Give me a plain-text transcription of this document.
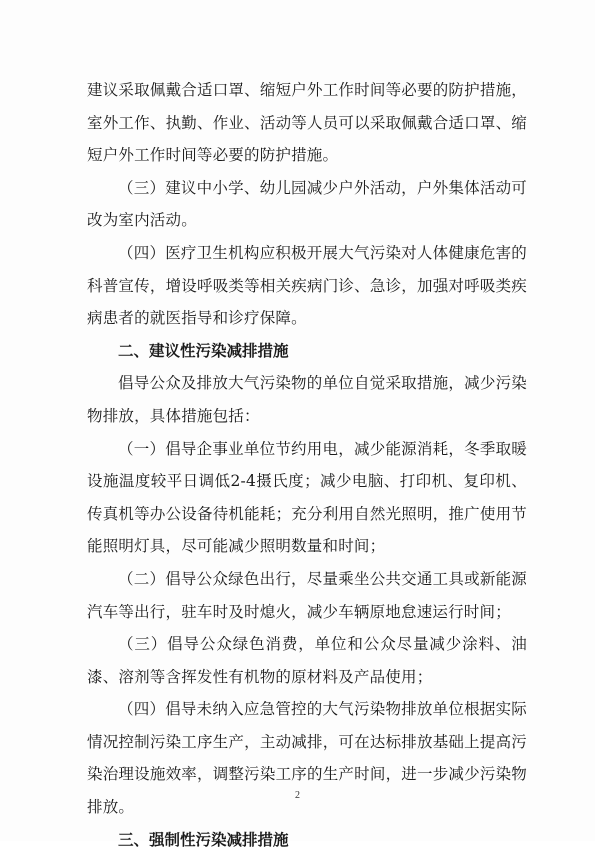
建议采取佩戴合适口罩、缩短户外工作时间等必要的防护措施，室外工作、执勤、作业、活动等人员可以采取佩戴合适口罩、缩短户外工作时间等必要的防护措施。

（三）建议中小学、幼儿园减少户外活动，户外集体活动可改为室内活动。

（四）医疗卫生机构应积极开展大气污染对人体健康危害的科普宣传，增设呼吸类等相关疾病门诊、急诊，加强对呼吸类疾病患者的就医指导和诊疗保障。

二、建议性污染减排措施

倡导公众及排放大气污染物的单位自觉采取措施，减少污染物排放，具体措施包括：

（一）倡导企事业单位节约用电，减少能源消耗，冬季取暖设施温度较平日调低2-4摄氏度；减少电脑、打印机、复印机、传真机等办公设备待机能耗；充分利用自然光照明，推广使用节能照明灯具，尽可能减少照明数量和时间；

（二）倡导公众绿色出行，尽量乘坐公共交通工具或新能源汽车等出行，驻车时及时熄火，减少车辆原地怠速运行时间；

（三）倡导公众绿色消费，单位和公众尽量减少涂料、油漆、溶剂等含挥发性有机物的原材料及产品使用；

（四）倡导未纳入应急管控的大气污染物排放单位根据实际情况控制污染工序生产，主动减排，可在达标排放基础上提高污染治理设施效率，调整污染工序的生产时间，进一步减少污染物排放。

三、强制性污染减排措施

2
